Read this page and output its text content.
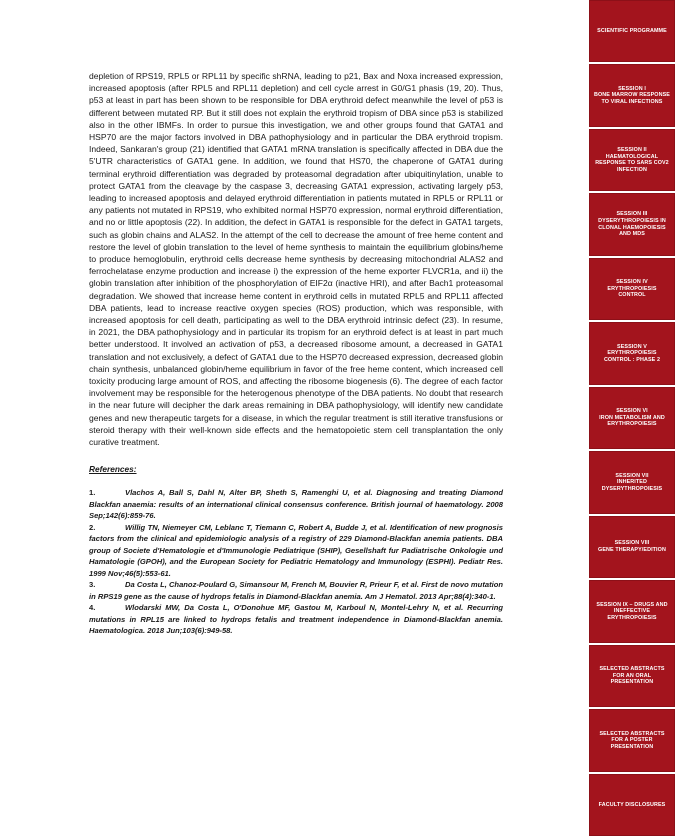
depletion of RPS19, RPL5 or RPL11 by specific shRNA, leading to p21, Bax and Noxa increased expression, increased apoptosis (after RPL5 and RPL11 depletion) and cell cycle arrest in G0/G1 phasis (19, 20). Thus, p53 at least in part has been shown to be responsible for DBA erythroid defect meanwhile the level of p53 is different between mutated RP. But it still does not explain the erythroid tropism of DBA since p53 is stabilized also in the other IBMFs. In order to pursue this investigation, we and other groups found that GATA1 and HSP70 are the major factors involved in DBA pathophysiology and in particular the DBA erythroid tropism. Indeed, Sankaran's group (21) identified that GATA1 mRNA translation is specifically affected in DBA due the 5'UTR characteristics of GATA1 gene. In addition, we found that HS70, the chaperone of GATA1 during terminal erythroid differentiation was degraded by proteasomal degradation after ubiquitinylation, unable to protect GATA1 from the cleavage by the caspase 3, decreasing GATA1 expression, activating largely p53, leading to increased apoptosis and delayed erythroid differentiation in patients mutated in RPL5 or RPL11 or any patients not mutated in RPS19, who exhibited normal HSP70 expression, normal erythroid differentiation, and no or little apoptosis (22). In addition, the defect in GATA1 is responsible for the defect in GATA1 targets, such as globin chains and ALAS2. In the attempt of the cell to decrease the amount of free heme content and restore the level of globin translation to the level of heme synthesis to maintain the equilibrium globins/heme to produce hemoglobulin, erythroid cells decrease heme synthesis by decreasing mitochondrial ALAS2 and ferrochelatase enzyme production and increase i) the expression of the heme exporter FLVCR1a, and ii) the globin translation after inhibition of the phosphorylation of EIF2α (inactive HRI), and after Bach1 proteasomal degradation. We showed that increase heme content in erythroid cells in mutated RPL5 and RPL11 affected DBA patients, lead to increase reactive oxygen species (ROS) production, which was responsible, with increased apoptosis for cell death, participating as well to the DBA erythroid intrinsic defect (23). In resume, in 2021, the DBA pathophysiology and in particular its tropism for an erythroid defect is at least in part much better understood. It involved an activation of p53, a decreased ribosome amount, a decreased in GATA1 translation and not exclusively, a defect of GATA1 due to the HSP70 decreased expression, decreased globin chain synthesis, unbalanced globin/heme equilibrium in favor of the free heme content, which increased cell toxicity producing large amount of ROS, and affecting the ribosome biogenesis (6). The degree of each factor involvement may be responsible for the heterogenous phenotype of the DBA patients. No doubt that research in the near future will decipher the dark areas remaining in DBA pathophysiology, will identify new candidate genes and new therapeutic targets for a disease, in which the regular treatment is still iterative transfusions or steroid therapy with their well-known side effects and the hematopoietic stem cell transplantation the only curative treatment.

References:

1.	Vlachos A, Ball S, Dahl N, Alter BP, Sheth S, Ramenghi U, et al. Diagnosing and treating Diamond Blackfan anaemia: results of an international clinical consensus conference. British journal of haematology. 2008 Sep;142(6):859-76.

2.	Willig TN, Niemeyer CM, Leblanc T, Tiemann C, Robert A, Budde J, et al. Identification of new prognosis factors from the clinical and epidemiologic analysis of a registry of 229 Diamond-Blackfan anemia patients. DBA group of Societe d'Hematologie et d'Immunologie Pediatrique (SHIP), Gesellshaft fur Padiatrische Onkologie und Hamatologie (GPOH), and the European Society for Pediatric Hematology and Immunology (ESPHI). Pediatr Res. 1999 Nov;46(5):553-61.

3.	Da Costa L, Chanoz-Poulard G, Simansour M, French M, Bouvier R, Prieur F, et al. First de novo mutation in RPS19 gene as the cause of hydrops fetalis in Diamond-Blackfan anemia. Am J Hematol. 2013 Apr;88(4):340-1.

4.	Wlodarski MW, Da Costa L, O'Donohue MF, Gastou M, Karboul N, Montel-Lehry N, et al. Recurring mutations in RPL15 are linked to hydrops fetalis and treatment independence in Diamond-Blackfan anemia. Haematologica. 2018 Jun;103(6):949-58.

SCIENTIFIC PROGRAMME
SESSION I
BONE MARROW RESPONSE TO VIRAL INFECTIONS
SESSION II
HAEMATOLOGICAL RESPONSE TO SARS COV2 INFECTION
SESSION III
DYSERYTHROPOIESIS IN CLONAL HAEMOPOIESIS AND MDS
SESSION IV
ERYTHROPOIESIS CONTROL
SESSION V
ERYTHROPOIESIS CONTROL : PHASE 2
SESSION VI
IRON METABOLISM AND ERYTHROPOIESIS
SESSION VII
INHERITED DYSERYTHROPOIESIS
SESSION VIII
GENE THERAPY/EDITION
SESSION IX – DRUGS AND INEFFECTIVE ERYTHROPOIESIS
SELECTED ABSTRACTS FOR AN ORAL PRESENTATION
SELECTED ABSTRACTS FOR A POSTER PRESENTATION
FACULTY DISCLOSURES
